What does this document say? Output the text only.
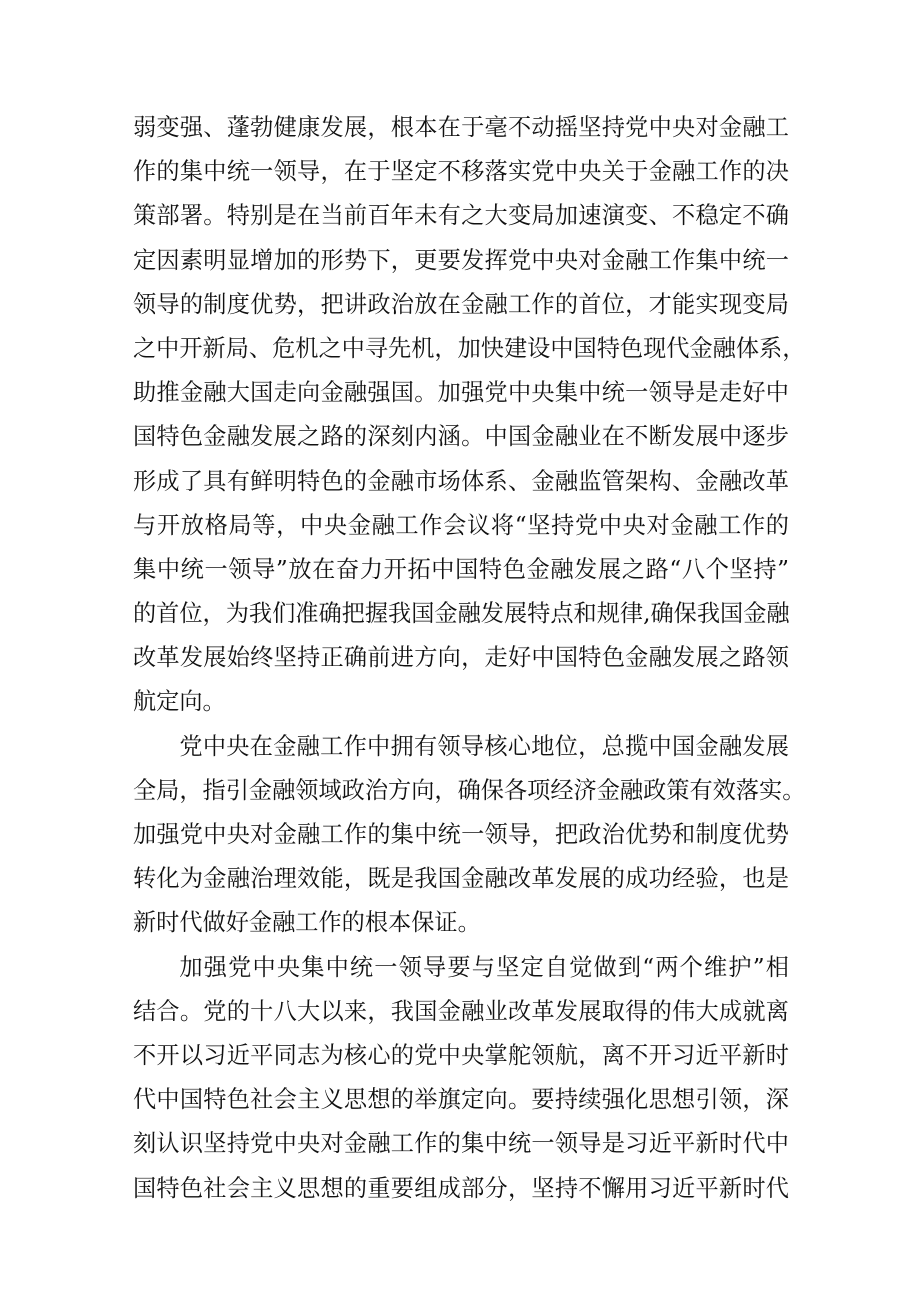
弱变强、蓬勃健康发展，根本在于毫不动摇坚持党中央对金融工
作的集中统一领导，在于坚定不移落实党中央关于金融工作的决
策部署。特别是在当前百年未有之大变局加速演变、不稳定不确
定因素明显增加的形势下，更要发挥党中央对金融工作集中统一
领导的制度优势，把讲政治放在金融工作的首位，才能实现变局
之中开新局、危机之中寻先机，加快建设中国特色现代金融体系，
助推金融大国走向金融强国。加强党中央集中统一领导是走好中
国特色金融发展之路的深刻内涵。中国金融业在不断发展中逐步
形成了具有鲜明特色的金融市场体系、金融监管架构、金融改革
与开放格局等，中央金融工作会议将“坚持党中央对金融工作的
集中统一领导”放在奋力开拓中国特色金融发展之路“八个坚持”
的首位，为我们准确把握我国金融发展特点和规律,确保我国金融
改革发展始终坚持正确前进方向，走好中国特色金融发展之路领
航定向。
党中央在金融工作中拥有领导核心地位，总揽中国金融发展
全局，指引金融领域政治方向，确保各项经济金融政策有效落实。
加强党中央对金融工作的集中统一领导，把政治优势和制度优势
转化为金融治理效能，既是我国金融改革发展的成功经验，也是
新时代做好金融工作的根本保证。
加强党中央集中统一领导要与坚定自觉做到“两个维护”相
结合。党的十八大以来，我国金融业改革发展取得的伟大成就离
不开以习近平同志为核心的党中央掌舵领航，离不开习近平新时
代中国特色社会主义思想的举旗定向。要持续强化思想引领，深
刻认识坚持党中央对金融工作的集中统一领导是习近平新时代中
国特色社会主义思想的重要组成部分，坚持不懈用习近平新时代
